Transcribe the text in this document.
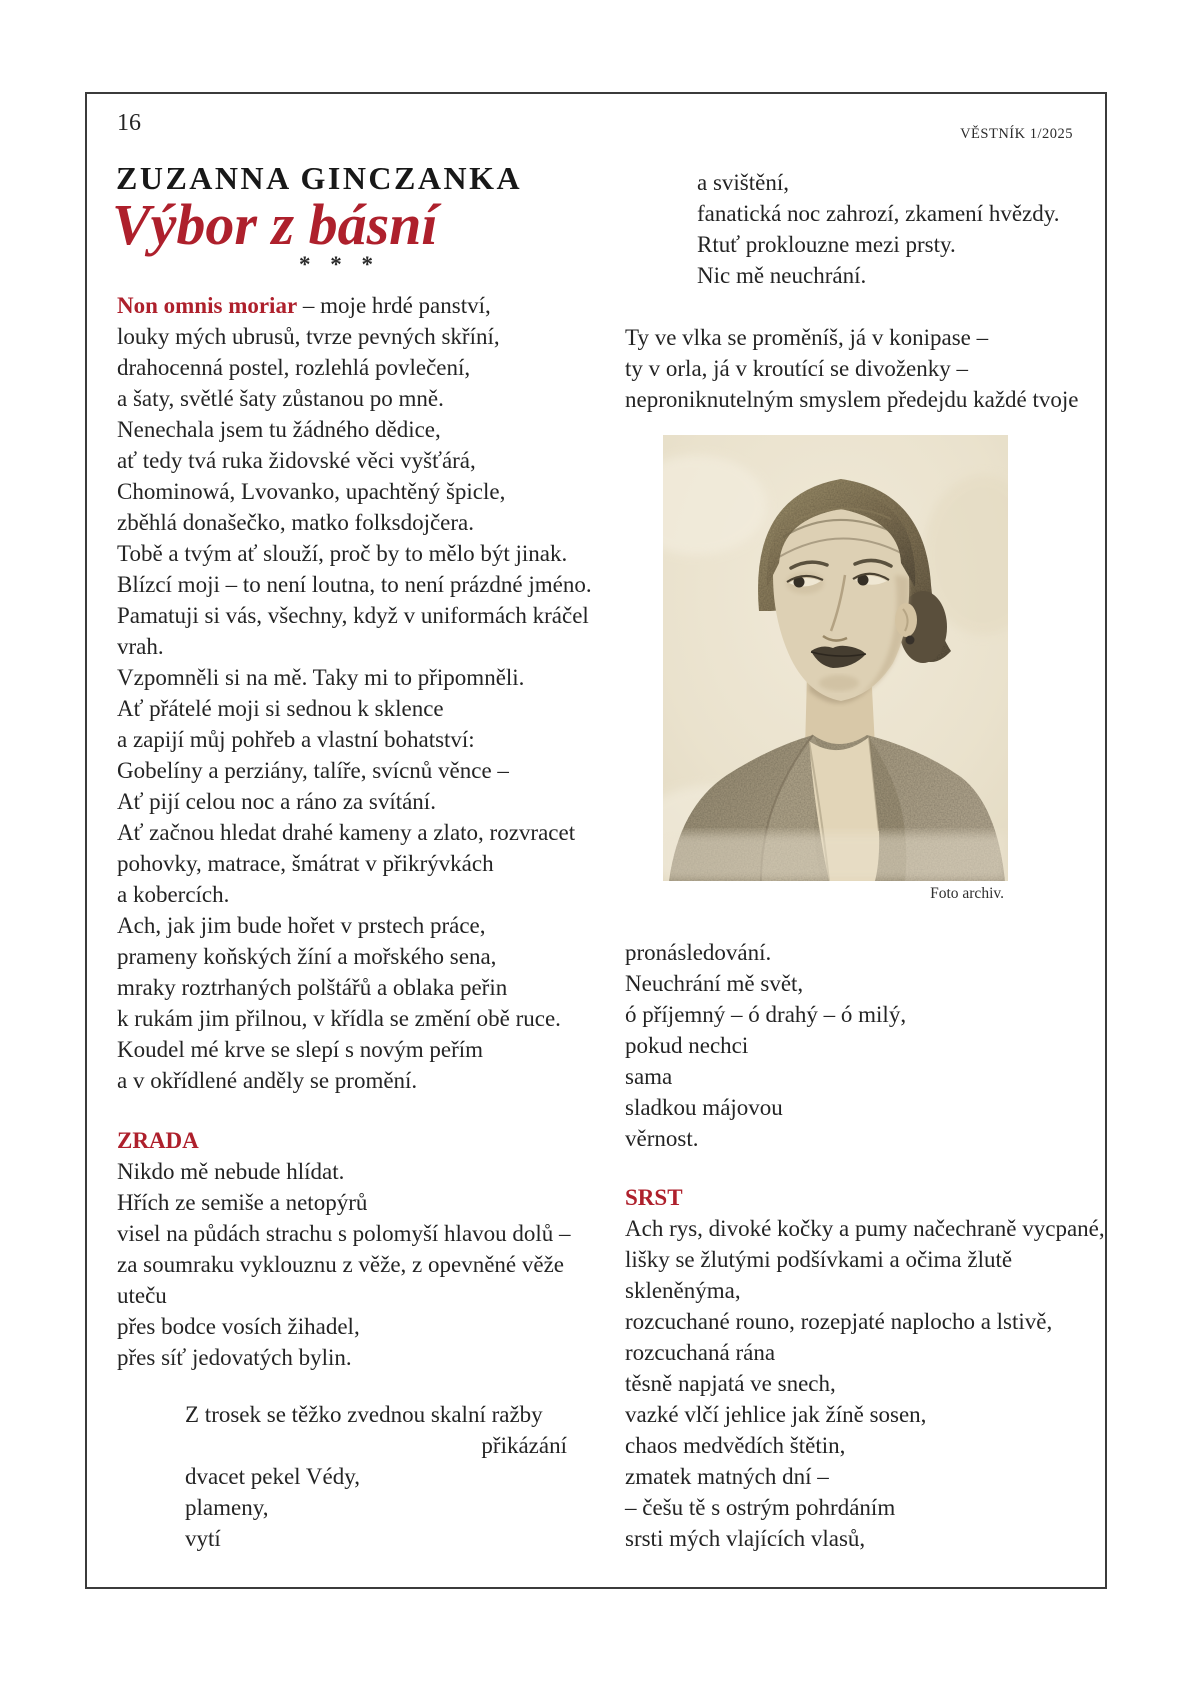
16	VĚSTNÍK 1/2025
ZUZANNA GINCZANKA
Výbor z básní
* * *
Non omnis moriar – moje hrdé panství,
louky mých ubrusů, tvrze pevných skříní,
drahocenná postel, rozlehlá povlečení,
a šaty, světlé šaty zůstanou po mně.
Nenechala jsem tu žádného dědice,
ať tedy tvá ruka židovské věci vyšťárá,
Chominowá, Lvovanko, upachtěný špicle,
zběhlá donašečko, matko folksdojčera.
Tobě a tvým ať slouží, proč by to mělo být jinak.
Blízcí moji – to není loutna, to není prázdné jméno.
Pamatuji si vás, všechny, když v uniformách kráčel
vrah.
Vzpomněli si na mě. Taky mi to připomněli.
Ať přátelé moji si sednou k sklence
a zapijí můj pohřeb a vlastní bohatství:
Gobelíny a perziány, talíře, svícnů věnce –
Ať pijí celou noc a ráno za svítání.
Ať začnou hledat drahé kameny a zlato, rozvracet
pohovky, matrace, šmátrat v přikrývkách
a kobercích.
Ach, jak jim bude hořet v prstech práce,
prameny koňských žíní a mořského sena,
mraky roztrhaných polštářů a oblaka peřin
k rukám jim přilnou, v křídla se změní obě ruce.
Koudel mé krve se slepí s novým peřím
a v okřídlené anděly se promění.
ZRADA
Nikdo mě nebude hlídat.
Hřích ze semiše a netopýrů
visel na půdách strachu s polomyší hlavou dolů –
za soumraku vyklouznu z věže, z opevněné věže
uteču
přes bodce vosích žihadel,
přes síť jedovatých bylin.
Z trosek se těžko zvednou skalní ražby
přikázání
dvacet pekel Védy,
plameny,
vytí
a svištění,
fanatická noc zahrozí, zkamení hvězdy.
Rtuť proklouzne mezi prsty.
Nic mě neuchrání.
Ty ve vlka se proměníš, já v konipase –
ty v orla, já v kroutící se divoženky –
neproniknutelným smyslem předejdu každé tvoje
Foto archiv.
pronásledování.
Neuchrání mě svět,
ó příjemný – ó drahý – ó milý,
pokud nechci
sama
sladkou májovou
věrnost.
SRST
Ach rys, divoké kočky a pumy načechraně vycpané,
lišky se žlutými podšívkami a očima žlutě
skleněnýma,
rozcuchané rouno, rozepjaté naplocho a lstivě,
rozcuchaná rána
těsně napjatá ve snech,
vazké vlčí jehlice jak žíně sosen,
chaos medvědích štětin,
zmatek matných dní –
– češu tě s ostrým pohrdáním
srsti mých vlajících vlasů,
